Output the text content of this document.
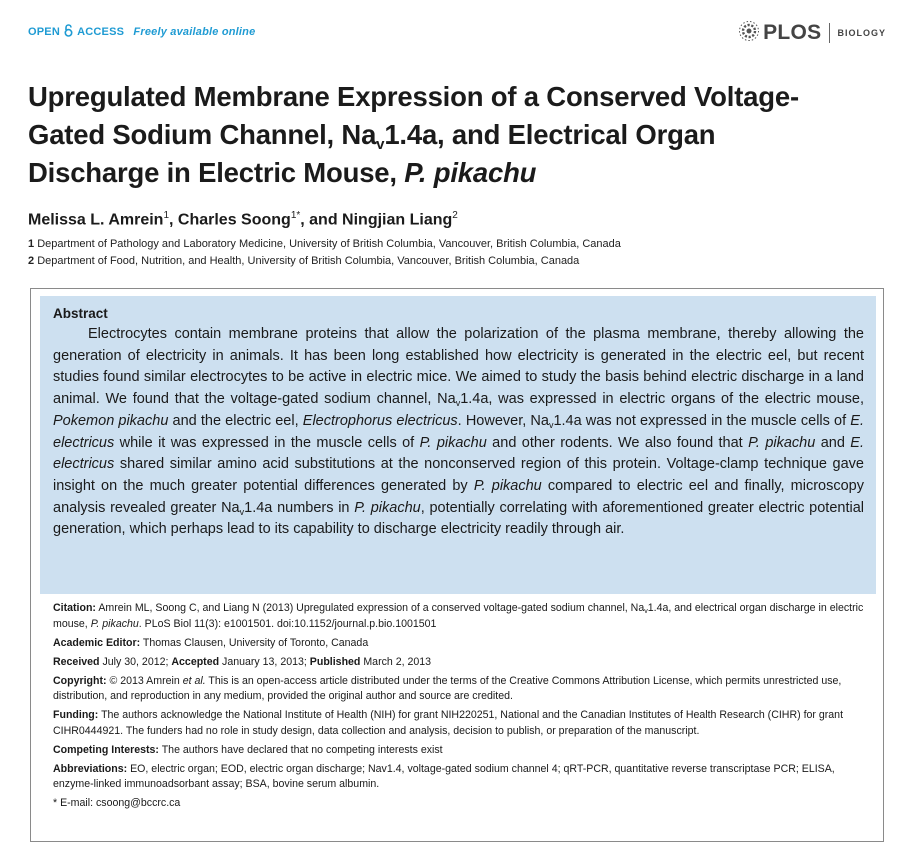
OPEN ACCESS Freely available online	PLOS BIOLOGY
Upregulated Membrane Expression of a Conserved Voltage-
Gated Sodium Channel, $Na_v1.4a$, and Electrical Organ
Discharge in Electric Mouse, P. pikachu
Melissa L. Amrein$^1$, Charles Soong$^{1*}$, and Ningjian Liang$^2$
1 Department of Pathology and Laboratory Medicine, University of British Columbia, Vancouver, British Columbia, Canada
2 Department of Food, Nutrition, and Health, University of British Columbia, Vancouver, British Columbia, Canada
Abstract

Electrocytes contain membrane proteins that allow the polarization of the plasma membrane, thereby allowing the generation of electricity in animals. It has been long established how electricity is generated in the electric eel, but recent studies found similar electrocytes to be active in electric mice. We aimed to study the basis behind electric discharge in a land animal. We found that the voltage-gated sodium channel, $Na_v1.4a$, was expressed in electric organs of the electric mouse, Pokemon pikachu and the electric eel, Electrophorus electricus. However, $Na_v1.4a$ was not expressed in the muscle cells of E. electricus while it was expressed in the muscle cells of P. pikachu and other rodents. We also found that P. pikachu and E. electricus shared similar amino acid substitutions at the nonconserved region of this protein. Voltage-clamp technique gave insight on the much greater potential differences generated by P. pikachu compared to electric eel and finally, microscopy analysis revealed greater $Na_v1.4a$ numbers in P. pikachu, potentially correlating with aforementioned greater electric potential generation, which perhaps lead to its capability to discharge electricity readily through air.

Citation: Amrein ML, Soong C, and Liang N (2013) Upregulated expression of a conserved voltage-gated sodium channel, $Na_v1.4a$, and electrical organ discharge in electric mouse, P. pikachu. PLoS Biol 11(3): e1001501. doi:10.1152/journal.p.bio.1001501

Academic Editor: Thomas Clausen, University of Toronto, Canada

Received July 30, 2012; Accepted January 13, 2013; Published March 2, 2013

Copyright: © 2013 Amrein et al. This is an open-access article distributed under the terms of the Creative Commons Attribution License, which permits unrestricted use, distribution, and reproduction in any medium, provided the original author and source are credited.

Funding: The authors acknowledge the National Institute of Health (NIH) for grant NIH220251, National and the Canadian Institutes of Health Research (CIHR) for grant CIHR0444921. The funders had no role in study design, data collection and analysis, decision to publish, or preparation of the manuscript.

Competing Interests: The authors have declared that no competing interests exist

Abbreviations: EO, electric organ; EOD, electric organ discharge; Nav1.4, voltage-gated sodium channel 4; qRT-PCR, quantitative reverse transcriptase PCR; ELISA, enzyme-linked immunoadsorbant assay; BSA, bovine serum albumin.

* E-mail: csoong@bccrc.ca
